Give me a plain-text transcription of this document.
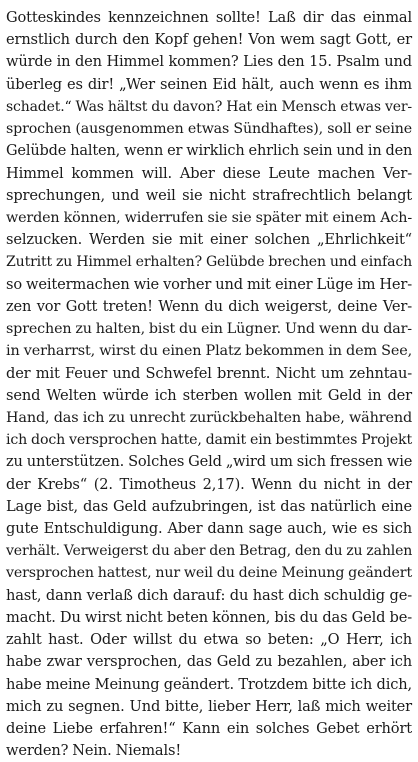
Gotteskindes kennzeichnen sollte! Laß dir das einmal
ernstlich durch den Kopf gehen! Von wem sagt Gott, er
würde in den Himmel kommen? Lies den 15. Psalm und
überleg es dir! „Wer seinen Eid hält, auch wenn es ihm
schadet.“ Was hältst du davon? Hat ein Mensch etwas ver-
sprochen (ausgenommen etwas Sündhaftes), soll er seine
Gelübde halten, wenn er wirklich ehrlich sein und in den
Himmel kommen will. Aber diese Leute machen Ver-
sprechungen, und weil sie nicht strafrechtlich belangt
werden können, widerrufen sie sie später mit einem Ach-
selzucken. Werden sie mit einer solchen „Ehrlichkeit“
Zutritt zu Himmel erhalten? Gelübde brechen und einfach
so weitermachen wie vorher und mit einer Lüge im Her-
zen vor Gott treten! Wenn du dich weigerst, deine Ver-
sprechen zu halten, bist du ein Lügner. Und wenn du dar-
in verharrst, wirst du einen Platz bekommen in dem See,
der mit Feuer und Schwefel brennt. Nicht um zehntau-
send Welten würde ich sterben wollen mit Geld in der
Hand, das ich zu unrecht zurückbehalten habe, während
ich doch versprochen hatte, damit ein bestimmtes Projekt
zu unterstützen. Solches Geld „wird um sich fressen wie
der Krebs“ (2. Timotheus 2,17). Wenn du nicht in der
Lage bist, das Geld aufzubringen, ist das natürlich eine
gute Entschuldigung. Aber dann sage auch, wie es sich
verhält. Verweigerst du aber den Betrag, den du zu zahlen
versprochen hattest, nur weil du deine Meinung geändert
hast, dann verlaß dich darauf: du hast dich schuldig ge-
macht. Du wirst nicht beten können, bis du das Geld be-
zahlt hast. Oder willst du etwa so beten: „O Herr, ich
habe zwar versprochen, das Geld zu bezahlen, aber ich
habe meine Meinung geändert. Trotzdem bitte ich dich,
mich zu segnen. Und bitte, lieber Herr, laß mich weiter
deine Liebe erfahren!“ Kann ein solches Gebet erhört
werden? Nein. Niemals!
